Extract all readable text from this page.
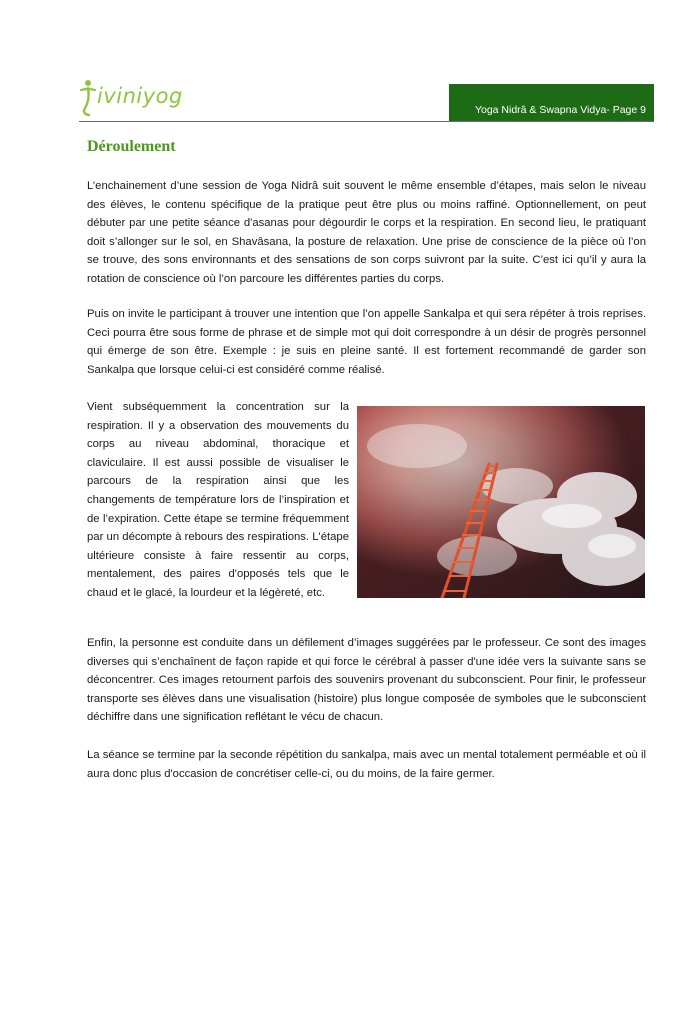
iviniyog
Yoga Nidrâ & Swapna Vidya- Page 9
Déroulement

L’enchainement d’une session de Yoga Nidrâ suit souvent le même ensemble d’étapes, mais selon le niveau des élèves, le contenu spécifique de la pratique peut être plus ou moins raffiné. Optionnellement, on peut débuter par une petite séance d'asanas pour dégourdir le corps et la respiration. En second lieu, le pratiquant doit s’allonger sur le sol, en Shavâsana, la posture de relaxation. Une prise de conscience de la pièce où l’on se trouve, des sons environnants et des sensations de son corps suivront par la suite. C’est ici qu’il y aura la rotation de conscience où l’on parcoure les différentes parties du corps.

Puis on invite le participant à trouver une intention que l’on appelle Sankalpa et qui sera répéter à trois reprises. Ceci pourra être sous forme de phrase et de simple mot qui doit correspondre à un désir de progrès personnel qui émerge de son être. Exemple : je suis en pleine santé. Il est fortement recommandé de garder son Sankalpa que lorsque celui-ci est considéré comme réalisé.

Vient subséquemment la concentration sur la respiration. Il y a observation des mouvements du corps au niveau abdominal, thoracique et claviculaire. Il est aussi possible de visualiser le parcours de la respiration ainsi que les changements de température lors de l’inspiration et de l’expiration. Cette étape se termine fréquemment par un décompte à rebours des respirations. L'étape ultérieure consiste à faire ressentir au corps, mentalement, des paires d'opposés tels que le chaud et le glacé, la lourdeur et la légèreté, etc.

Enfin, la personne est conduite dans un défilement d’images suggérées par le professeur. Ce sont des images diverses qui s’enchaînent de façon rapide et qui force le cérébral à passer d'une idée vers la suivante sans se déconcentrer. Ces images retournent parfois des souvenirs provenant du subconscient. Pour finir, le professeur transporte ses élèves dans une visualisation (histoire) plus longue composée de symboles que le subconscient déchiffre dans une signification reflétant le vécu de chacun.

La séance se termine par la seconde répétition du sankalpa, mais avec un mental totalement perméable et où il aura donc plus d'occasion de concrétiser celle-ci, ou du moins, de la faire germer.
